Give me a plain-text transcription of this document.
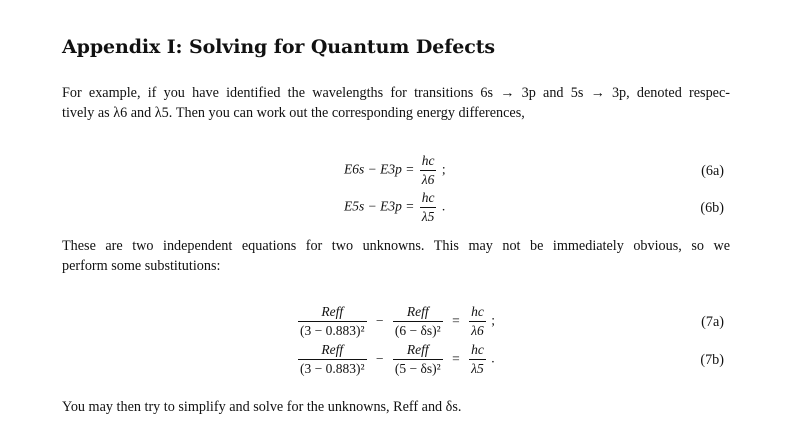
Appendix I: Solving for Quantum Defects

For example, if you have identified the wavelengths for transitions 6s → 3p and 5s → 3p, denoted respec-
tively as λ6 and λ5. Then you can work out the corresponding energy differences,

$E6s - E3p = \frac{hc}{\lambda 6}$ ;	(6a)
$E5s - E3p = \frac{hc}{\lambda 5}$ .	(6b)

These are two independent equations for two unknowns. This may not be immediately obvious, so we
perform some substitutions:

$\frac{\text{Reff}}{\text{(3 − 0.883)²}} - \frac{\text{Reff}}{\text{(6 − δs)²}} = \frac{hc}{\lambda 6}$ ;	(7a)
$\frac{\text{Reff}}{\text{(3 − 0.883)²}} - \frac{\text{Reff}}{\text{(5 − δs)²}} = \frac{hc}{\lambda 5}$ .	(7b)

You may then try to simplify and solve for the unknowns, Reff and δs.
